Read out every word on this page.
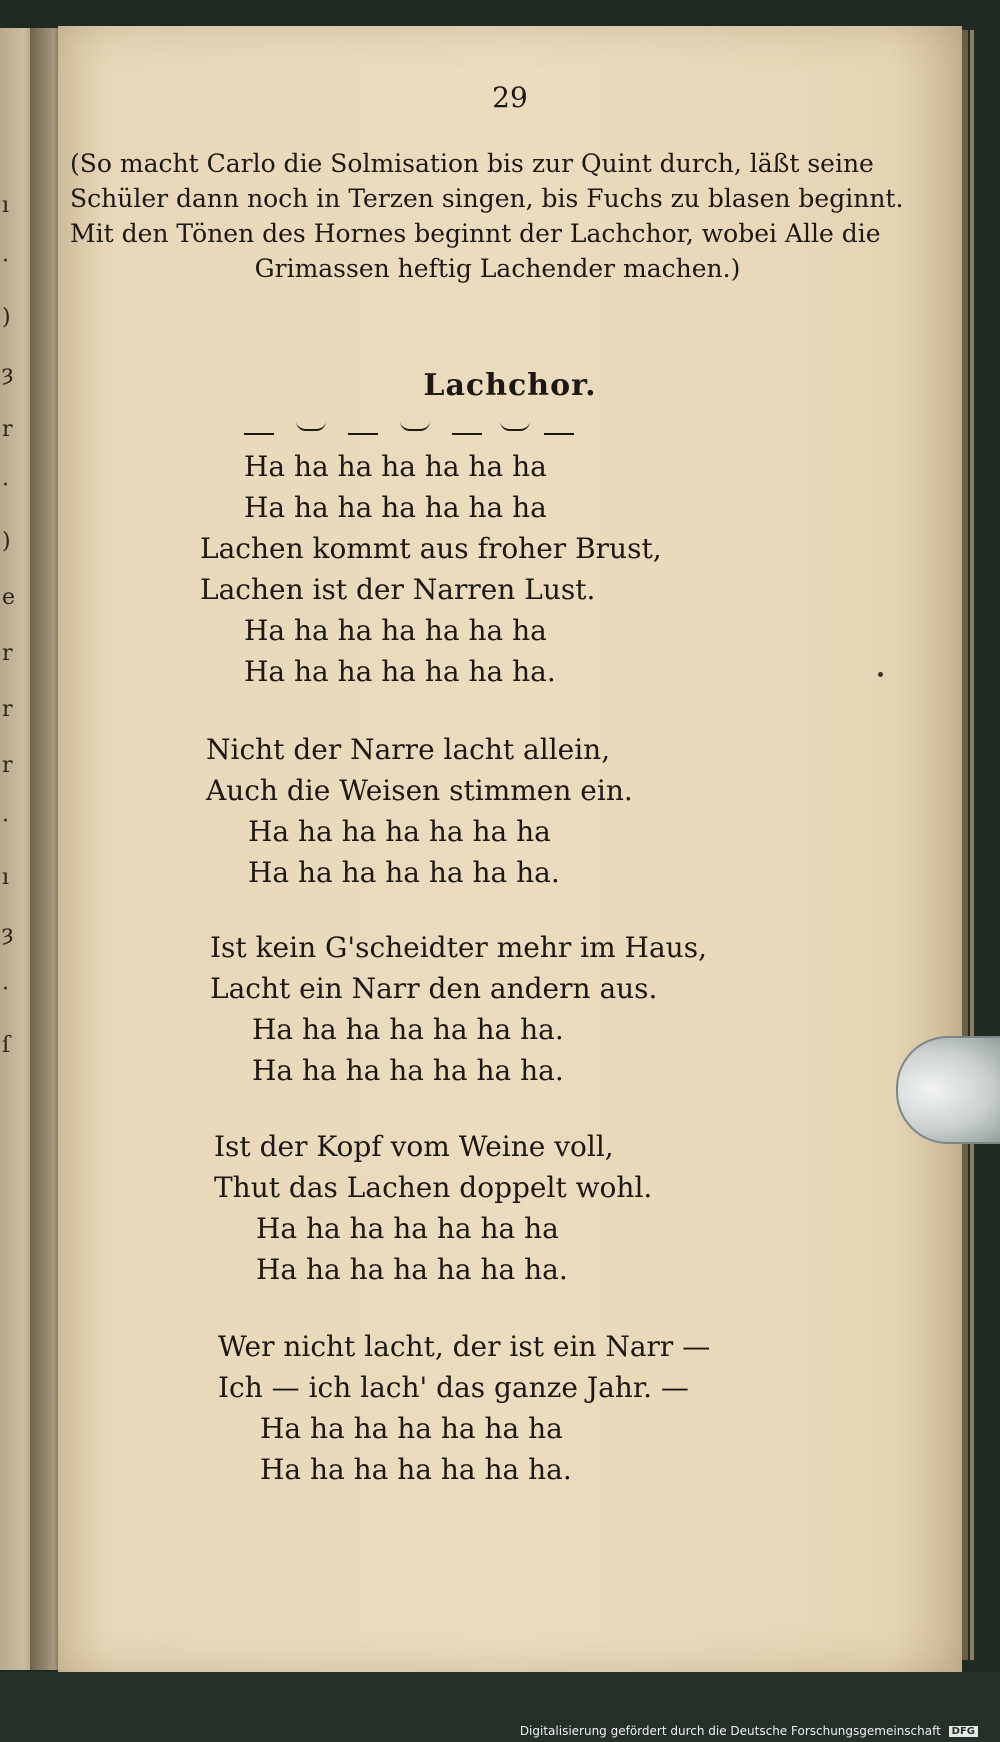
ı
·
)
ȝ
r
·
)
e
r
r
r
·
ı
ȝ
·
ſ
29
(So macht Carlo die Solmisation bis zur Quint durch, läßt seine
Schüler dann noch in Terzen singen, bis Fuchs zu blasen beginnt.
Mit den Tönen des Hornes beginnt der Lachchor, wobei Alle die
Grimassen heftig Lachender machen.)
Lachchor.
Ha ha ha ha ha ha ha
Ha ha ha ha ha ha ha
Lachen kommt aus froher Brust,
Lachen ist der Narren Lust.
Ha ha ha ha ha ha ha
Ha ha ha ha ha ha ha.
Nicht der Narre lacht allein,
Auch die Weisen stimmen ein.
Ha ha ha ha ha ha ha
Ha ha ha ha ha ha ha.
Ist kein G'scheidter mehr im Haus,
Lacht ein Narr den andern aus.
Ha ha ha ha ha ha ha.
Ha ha ha ha ha ha ha.
Ist der Kopf vom Weine voll,
Thut das Lachen doppelt wohl.
Ha ha ha ha ha ha ha
Ha ha ha ha ha ha ha.
Wer nicht lacht, der ist ein Narr —
Ich — ich lach' das ganze Jahr. —
Ha ha ha ha ha ha ha
Ha ha ha ha ha ha ha.
Digitalisierung gefördert durch die Deutsche Forschungsgemeinschaft DFG
